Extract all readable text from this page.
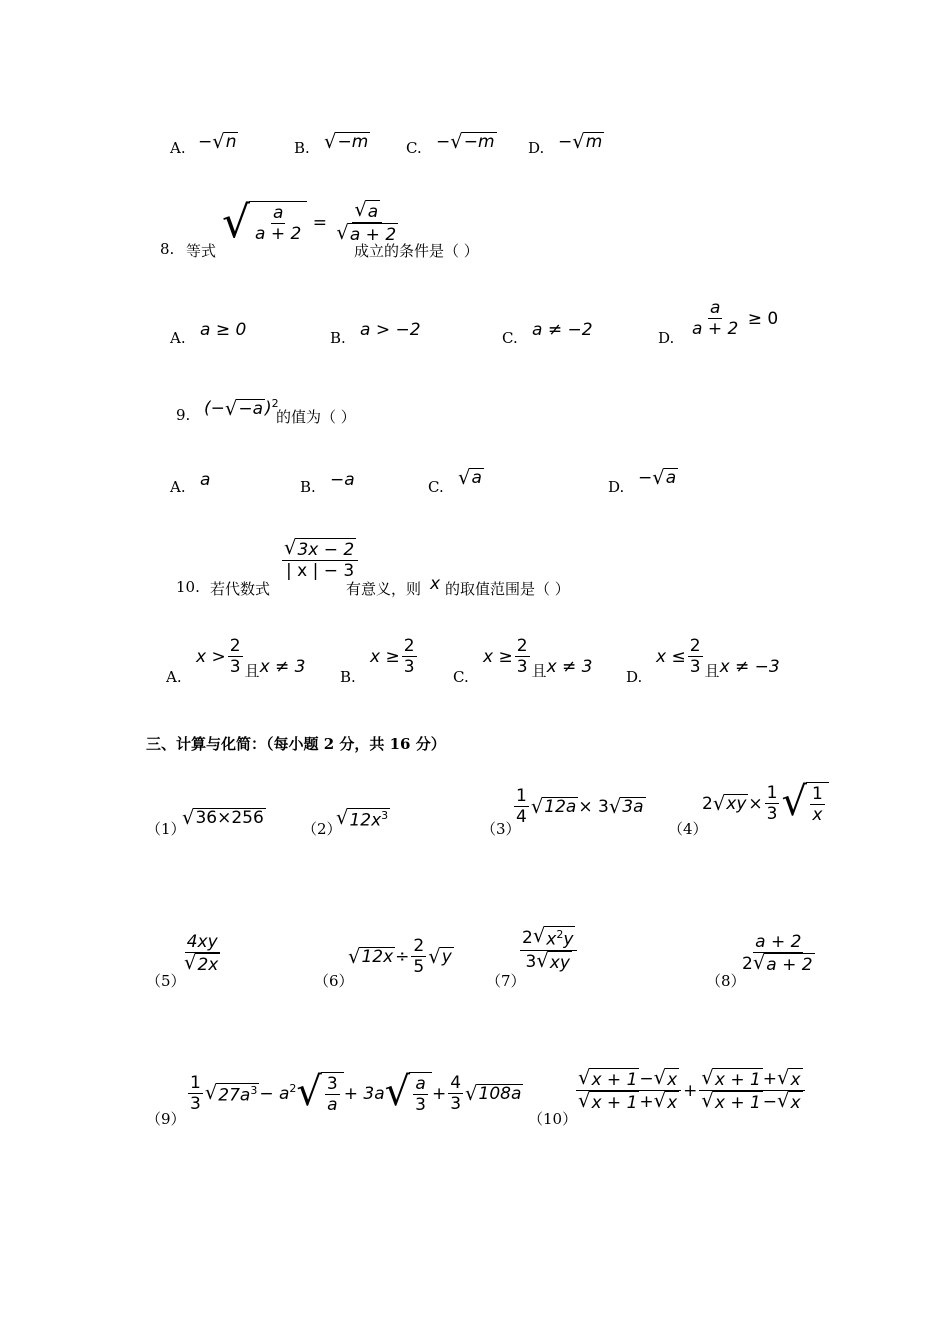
A. − √ n	B. √ −m	C. − √ −m D. − √ m
8. 等式
√ $\frac{a}{a + 2} = \frac{√ a}{√ a + 2}$
成立的条件是（ ）
A. a ≥ 0	B. a > −2	C. a ≠ −2	D. $\frac{a}{a + 2} \ge 0$
9. (− √ −a )$^2$
的值为（ ）
A. a	B. −a	C. √ a	D. − √ a
10. 若代数式
$\frac{√ 3x - 2}{| x | - 3}$
有意义，则 x 的取值范围是（ ）
A.
$x > \frac{2}{3}$ 且x ≠ 3
B.
$x \ge \frac{2}{3} C$.
$x \ge \frac{2}{3}$ 且x ≠ 3
D.
$x \le \frac{2}{3}$ 且x ≠ −3
三、计算与化简：（每小题 2 分，共 16 分）
（1）
√ 36×256
（2）
√ $12x^3$
（3）
$\frac{1}{4}$ √ 12a × 3 √ 3a
（4）
2 √ xy × $\frac{1}{3}$ √ $\frac{1}{x}$
（5）
$\frac{4xy}{√ 2x}$
（6）
√ $12x \div \frac{2}{5}$ √ y
（7）
$\frac{2 √ x^2y}{3 √ xy}$
（8）
$\frac{a + 2}{2 √ a + 2}$
（9）
$\frac{1}{3}$ √ $27a^3 - a^2$ √ $\frac{3}{a} + 3a$ √ $\frac{a}{3} + \frac{4}{3}$ √ 108a
（10）
$\frac{√ x + 1 - √ x}{√ x + 1 + √ x} + \frac{√ x + 1 + √ x}{√ x + 1 - √ x}$
